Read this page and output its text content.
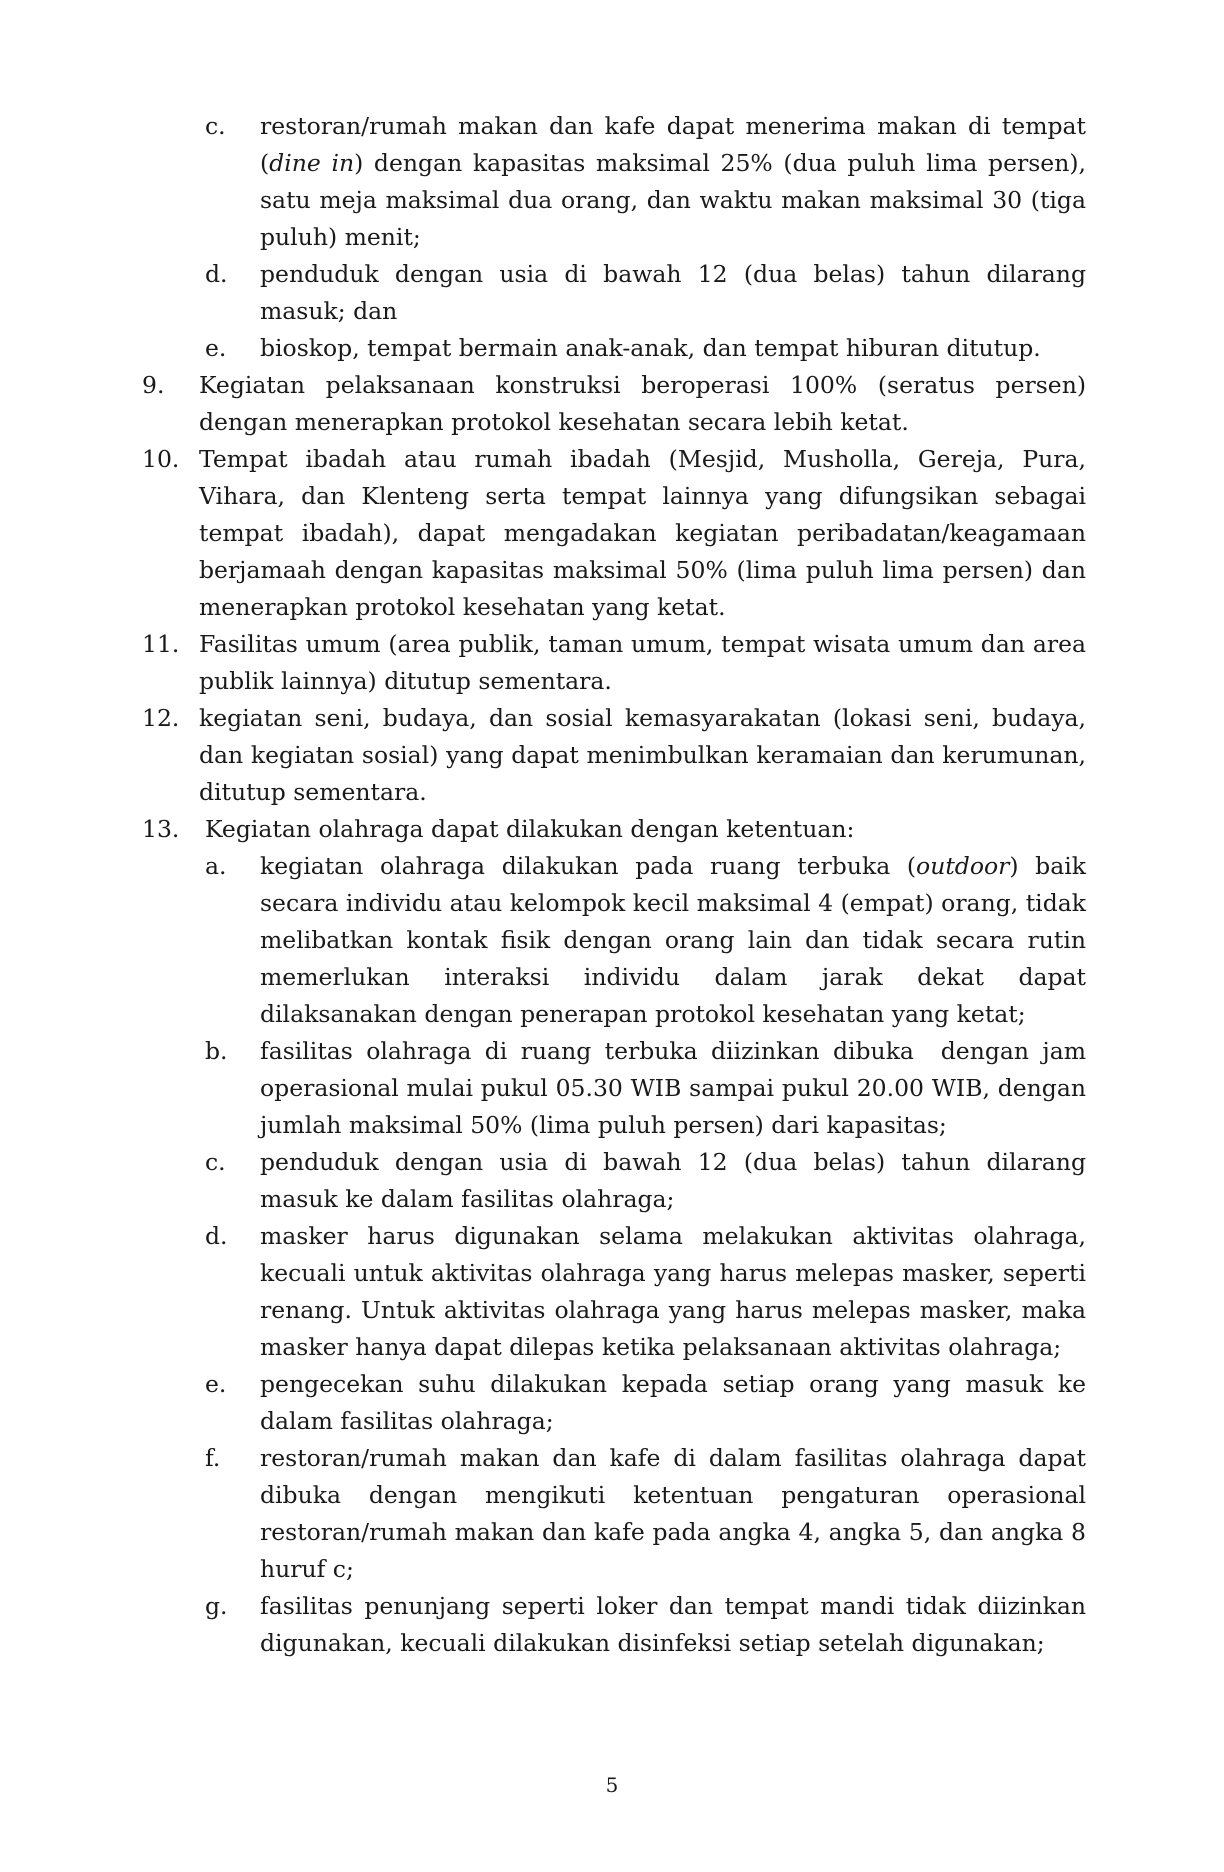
c. restoran/rumah makan dan kafe dapat menerima makan di tempat (dine in) dengan kapasitas maksimal 25% (dua puluh lima persen), satu meja maksimal dua orang, dan waktu makan maksimal 30 (tiga puluh) menit;

d. penduduk dengan usia di bawah 12 (dua belas) tahun dilarang masuk; dan

e. bioskop, tempat bermain anak-anak, dan tempat hiburan ditutup.

9. Kegiatan pelaksanaan konstruksi beroperasi 100% (seratus persen) dengan menerapkan protokol kesehatan secara lebih ketat.

10. Tempat ibadah atau rumah ibadah (Mesjid, Musholla, Gereja, Pura, Vihara, dan Klenteng serta tempat lainnya yang difungsikan sebagai tempat ibadah), dapat mengadakan kegiatan peribadatan/keagamaan berjamaah dengan kapasitas maksimal 50% (lima puluh lima persen) dan menerapkan protokol kesehatan yang ketat.

11. Fasilitas umum (area publik, taman umum, tempat wisata umum dan area publik lainnya) ditutup sementara.

12. kegiatan seni, budaya, dan sosial kemasyarakatan (lokasi seni, budaya, dan kegiatan sosial) yang dapat menimbulkan keramaian dan kerumunan, ditutup sementara.

13. Kegiatan olahraga dapat dilakukan dengan ketentuan:

a. kegiatan olahraga dilakukan pada ruang terbuka (outdoor) baik secara individu atau kelompok kecil maksimal 4 (empat) orang, tidak melibatkan kontak fisik dengan orang lain dan tidak secara rutin memerlukan interaksi individu dalam jarak dekat dapat dilaksanakan dengan penerapan protokol kesehatan yang ketat;

b. fasilitas olahraga di ruang terbuka diizinkan dibuka  dengan jam operasional mulai pukul 05.30 WIB sampai pukul 20.00 WIB, dengan jumlah maksimal 50% (lima puluh persen) dari kapasitas;

c. penduduk dengan usia di bawah 12 (dua belas) tahun dilarang masuk ke dalam fasilitas olahraga;

d. masker harus digunakan selama melakukan aktivitas olahraga, kecuali untuk aktivitas olahraga yang harus melepas masker, seperti renang. Untuk aktivitas olahraga yang harus melepas masker, maka masker hanya dapat dilepas ketika pelaksanaan aktivitas olahraga;

e. pengecekan suhu dilakukan kepada setiap orang yang masuk ke dalam fasilitas olahraga;

f. restoran/rumah makan dan kafe di dalam fasilitas olahraga dapat dibuka dengan mengikuti ketentuan pengaturan operasional restoran/rumah makan dan kafe pada angka 4, angka 5, dan angka 8 huruf c;

g. fasilitas penunjang seperti loker dan tempat mandi tidak diizinkan digunakan, kecuali dilakukan disinfeksi setiap setelah digunakan;

5
